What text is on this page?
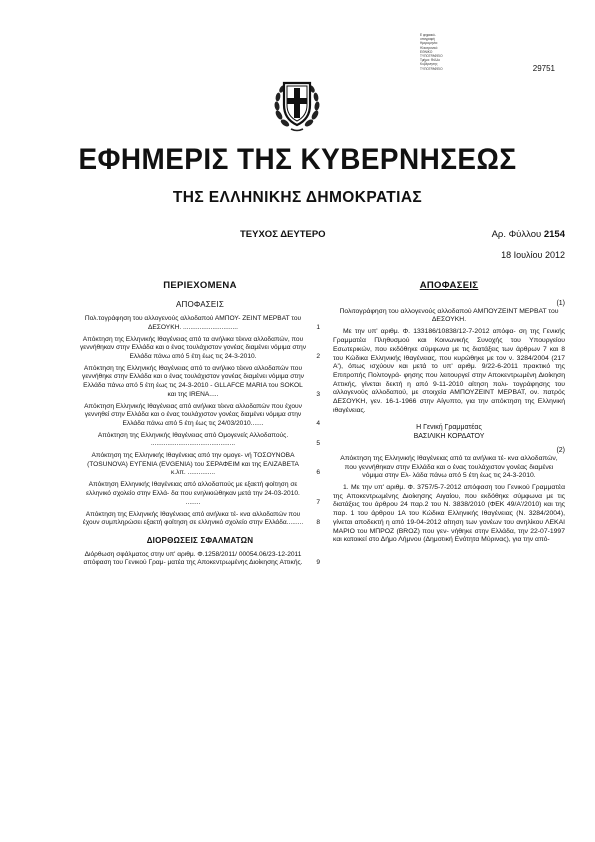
Ε φηφιακό-
υπογραφή
Ημερομηνία:
Ηλεκτρονικό
ΕΘΝΙΚΟ
ΤΥΠΟΓΡΑΦΕΙΟ
Τμήμα: Φύλλο
Κυβέρνησης
ΤΥΠΟΓΡΑΦΕΙΟ	29751
ΕΦΗΜΕΡΙΣ ΤΗΣ ΚΥΒΕΡΝΗΣΕΩΣ
ΤΗΣ ΕΛΛΗΝΙΚΗΣ ΔΗΜΟΚΡΑΤΙΑΣ
ΤΕΥΧΟΣ ΔΕΥΤΕΡΟ	Αρ. Φύλλου 2154
18 Ιουλίου 2012
ΠΕΡΙΕΧΟΜΕΝΑ
ΑΠΟΦΑΣΕΙΣ
Πολ.τογράφηση του αλλογενούς αλλοδαπού ΑΜΠΟΥ- ΖΕΙΝΤ ΜΕΡΒΑΤ του ΔΕΣΟΥΚΗ. ..............................	1
Απόκτηση της Ελληνικής Ιθαγένειας από τα ανήλικα τέκνα αλλοδαπών, που γεννήθηκαν στην Ελλάδα και ο ένας τουλάχιστον γονέας διαμένει νόμιμα στην Ελλάδα πάνω από 5 έτη έως τις 24-3-2010.	2
Απόκτηση της Ελληνικής Ιθαγένειας από το ανήλικο τέκνο αλλοδαπών που γεννήθηκε στην Ελλάδα και ο ένας τουλάχιστον γονέας διαμένει νόμιμα στην Ελλάδα πάνω από 5 έτη έως τις 24-3-2010 - GLLAFCE MARIA του SOKOL και της IRENA.....	3
Απόκτηση Ελληνικής Ιθαγένειας από ανήλικα τέκνα αλλοδαπών που έχουν γεννηθεί στην Ελλάδα και ο ένας τουλάχιστον γονέας διαμένει νόμιμα στην Ελλάδα πάνω από 5 έτη έως τις 24/03/2010.......	4
Απόκτηση της Ελληνικής Ιθαγένειας από Ομογενείς Αλλοδαπούς. ..............................................	5
Απόκτηση της Ελληνικής Ιθαγένειας από την ομογε- νή ΤΟΣΟΥΝΟΒΑ (TOSUNOVA) ΕΥΓΕΝΙΑ (EVGENIA) του ΣΕΡΑΦΕΙΜ και της ΕΛΙΖΑΒΕΤΑ κ.λπ. ...............	6
Απόκτηση Ελληνικής Ιθαγένειας από αλλοδαπούς με εξαετή φοίτηση σε ελληνικό σχολείο στην Ελλά- δα που ενηλικιώθηκαν μετά την 24-03-2010. ........	7
Απόκτηση της Ελληνικής Ιθαγένειας από ανήλικα τέ- κνα αλλοδαπών που έχουν συμπληρώσει εξαετή φοίτηση σε ελληνικό σχολείο στην Ελλάδα......... 8
ΔΙΟΡΘΩΣΕΙΣ ΣΦΑΛΜΑΤΩΝ
Διόρθωση σφάλματος στην υπ' αριθμ. Φ.1258/2011/ 00054.06/23-12-2011 απόφαση του Γενικού Γραμ- ματέα της Αποκεντρωμένης Διοίκησης Αττικής. 9
ΑΠΟΦΑΣΕΙΣ
(1)
Πολιτογράφηση του αλλογενούς αλλοδαπού ΑΜΠΟΥΖΕΙΝΤ ΜΕΡΒΑΤ του ΔΕΣΟΥΚΗ.

Με την υπ' αριθμ. Φ. 133186/10838/12-7-2012 απόφα- ση της Γενικής Γραμματέα Πληθυσμού και Κοινωνικής Συνοχής του Υπουργείου Εσωτερικών, που εκδόθηκε σύμφωνα με τις διατάξεις των άρθρων 7 και 8 του Κώδικα Ελληνικής Ιθαγένειας, που κυρώθηκε με τον ν. 3284/2004 (217 Α'), όπως ισχύουν και μετά το υπ' αριθμ. 9/22-6-2011 πρακτικό της Επιτροπής Πολιτογρά- φησης που λειτουργεί στην Αποκεντρωμένη Διοίκηση Αττικής, γίνεται δεκτή η από 9-11-2010 αίτηση πολι- τογράφησης του αλλογενούς αλλοδαπού, με στοιχεία ΑΜΠΟΥΖΕΙΝΤ ΜΕΡΒΑΤ, ον. πατρός ΔΕΣΟΥΚΗ, γεν. 16-1-1966 στην Αίγυπτο, για την απόκτηση της Ελληνική ιθαγένειας.

Η Γενική Γραμματέας
ΒΑΣΙΛΙΚΗ ΚΟΡΔΑΤΟΥ
(2)
Απόκτηση της Ελληνικής Ιθαγένειας από τα ανήλικα τέ- κνα αλλοδαπών, που γεννήθηκαν στην Ελλάδα και ο ένας τουλάχιστον γονέας διαμένει νόμιμα στην Ελ- λάδα πάνω από 5 έτη έως τις 24-3-2010.

1. Με την υπ' αριθμ. Φ. 3757/5-7-2012 απόφαση του Γενικού Γραμματέα της Αποκεντρωμένης Διοίκησης Αιγαίου, που εκδόθηκε σύμφωνα με τις διατάξεις του άρθρου 24 παρ.2 του Ν. 3838/2010 (ΦΕΚ 49/Α'/2010) και της παρ. 1 του άρθρου 1Α του Κώδικα Ελληνικής Ιθαγένειας (Ν. 3284/2004), γίνεται αποδεκτή η από 19-04-2012 αίτηση των γονέων του ανηλίκου ΛΕΚΑΙ ΜΑΡΙΟ του ΜΠΡΟΖ (BROZ) που γεν- νήθηκε στην Ελλάδα, την 22-07-1997 και κατοικεί στο Δήμο Λήμνου (Δημοτική Ενότητα Μύρινας), για την από-
